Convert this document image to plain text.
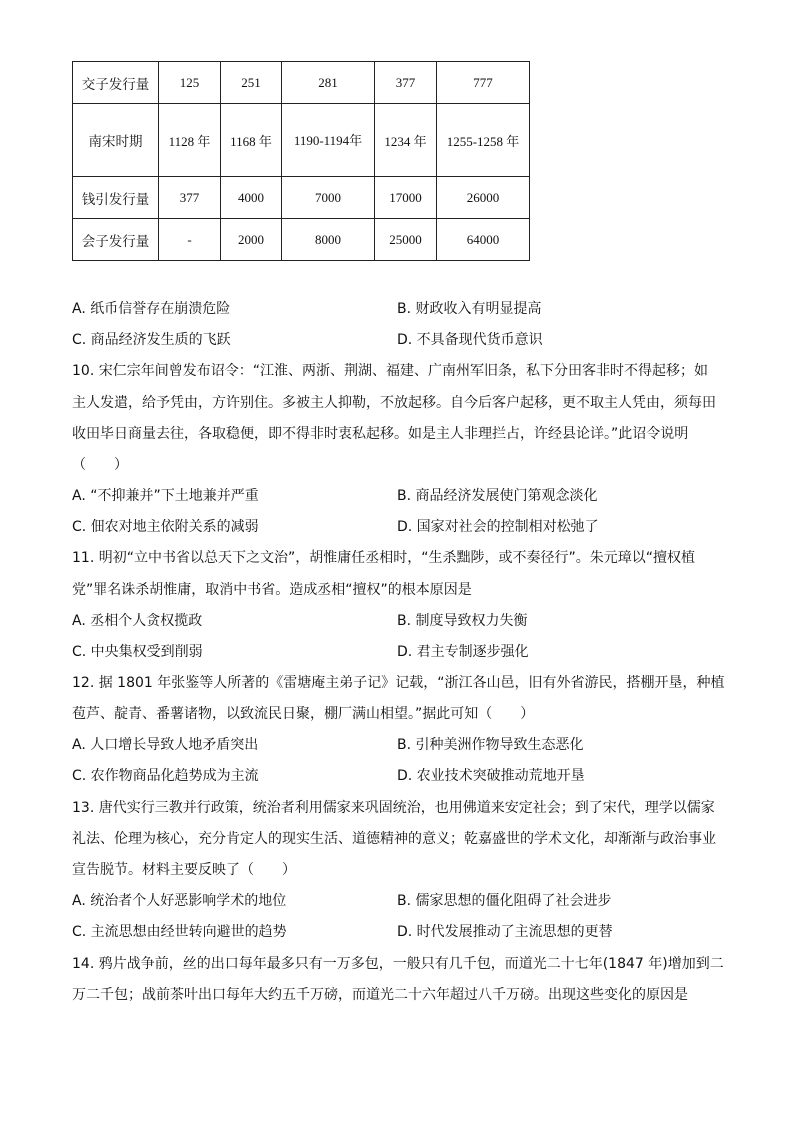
交子发行量	125	251	281	377	777
南宋时期	1128 年	1168 年	1190-1194年	1234 年	1255-1258 年
钱引发行量	377	4000	7000	17000	26000
会子发行量	-	2000	8000	25000	64000
A. 纸币信誉存在崩溃危险	B. 财政收入有明显提高
C. 商品经济发生质的飞跃	D. 不具备现代货币意识
10. 宋仁宗年间曾发布诏令：“江淮、两浙、荆湖、福建、广南州军旧条，私下分田客非时不得起移；如
主人发遣，给予凭由，方许别住。多被主人抑勒，不放起移。自今后客户起移，更不取主人凭由，须每田
收田毕日商量去往，各取稳便，即不得非时衷私起移。如是主人非理拦占，许经县论详。”此诏令说明
（　　）
A. “不抑兼并”下土地兼并严重	B. 商品经济发展使门第观念淡化
C. 佃农对地主依附关系的减弱	D. 国家对社会的控制相对松弛了
11. 明初“立中书省以总天下之文治”，胡惟庸任丞相时，“生杀黜陟，或不奏径行”。朱元璋以“擅权植
党”罪名诛杀胡惟庸，取消中书省。造成丞相“擅权”的根本原因是
A. 丞相个人贪权揽政	B. 制度导致权力失衡
C. 中央集权受到削弱	D. 君主专制逐步强化
12. 据 1801 年张鉴等人所著的《雷塘庵主弟子记》记载，“浙江各山邑，旧有外省游民，搭棚开垦，种植
苞芦、靛青、番薯诸物，以致流民日聚，棚厂满山相望。”据此可知（　　）
A. 人口增长导致人地矛盾突出	B. 引种美洲作物导致生态恶化
C. 农作物商品化趋势成为主流	D. 农业技术突破推动荒地开垦
13. 唐代实行三教并行政策，统治者利用儒家来巩固统治，也用佛道来安定社会；到了宋代，理学以儒家
礼法、伦理为核心，充分肯定人的现实生活、道德精神的意义；乾嘉盛世的学术文化，却渐渐与政治事业
宣告脱节。材料主要反映了（　　）
A. 统治者个人好恶影响学术的地位	B. 儒家思想的僵化阻碍了社会进步
C. 主流思想由经世转向避世的趋势	D. 时代发展推动了主流思想的更替
14. 鸦片战争前，丝的出口每年最多只有一万多包，一般只有几千包，而道光二十七年(1847 年)增加到二
万二千包；战前茶叶出口每年大约五千万磅，而道光二十六年超过八千万磅。出现这些变化的原因是
